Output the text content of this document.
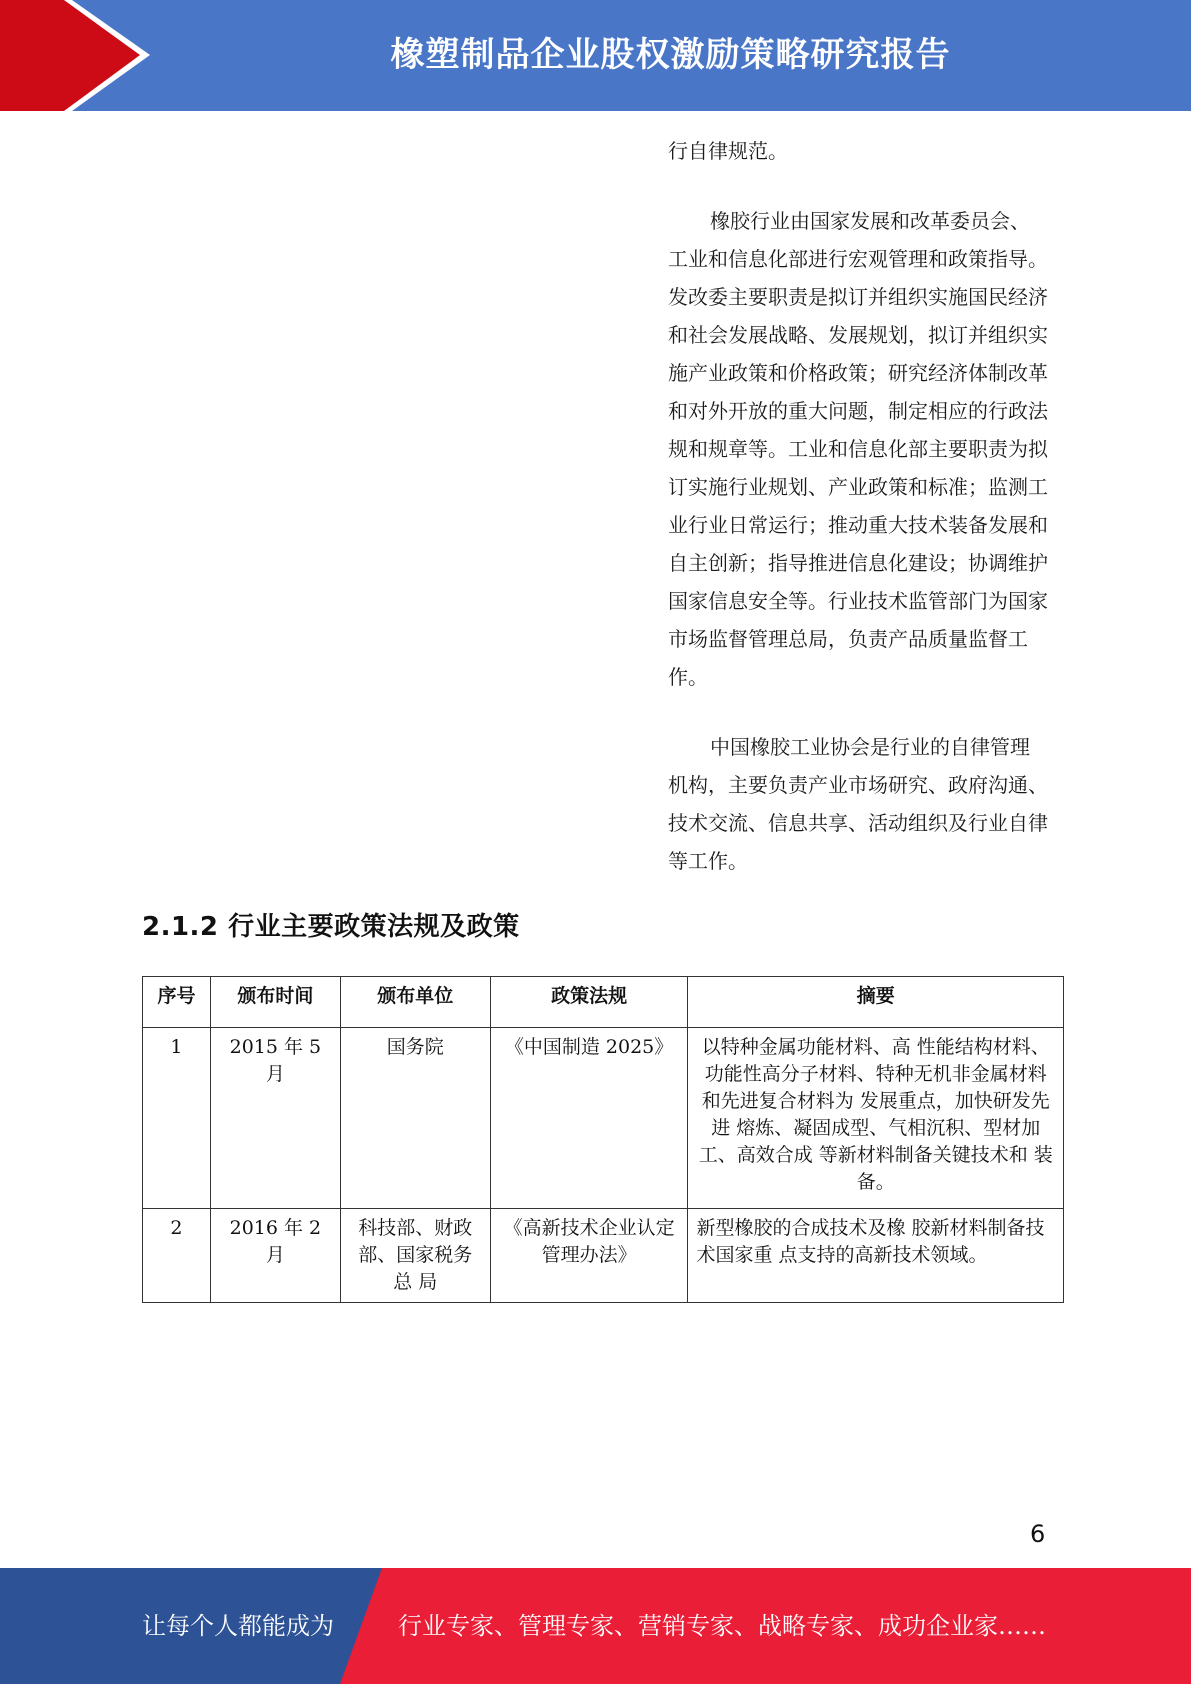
橡塑制品企业股权激励策略研究报告

行自律规范。

橡胶行业由国家发展和改革委员会、工业和信息化部进行宏观管理和政策指导。发改委主要职责是拟订并组织实施国民经济和社会发展战略、发展规划，拟订并组织实施产业政策和价格政策；研究经济体制改革和对外开放的重大问题，制定相应的行政法规和规章等。工业和信息化部主要职责为拟订实施行业规划、产业政策和标准；监测工业行业日常运行；推动重大技术装备发展和自主创新；指导推进信息化建设；协调维护国家信息安全等。行业技术监管部门为国家市场监督管理总局，负责产品质量监督工作。

中国橡胶工业协会是行业的自律管理机构，主要负责产业市场研究、政府沟通、技术交流、信息共享、活动组织及行业自律等工作。

2.1.2 行业主要政策法规及政策
序号	颁布时间	颁布单位	政策法规	摘要
1	2015 年 5 月	国务院	《中国制造 2025》	以特种金属功能材料、高 性能结构材料、功能性高分子材料、特种无机非金属材料和先进复合材料为 发展重点，加快研发先进 熔炼、凝固成型、气相沉积、型材加工、高效合成 等新材料制备关键技术和 装备。
2	2016 年 2 月	科技部、财政部、国家税务 总 局	《高新技术企业认定 管理办法》	新型橡胶的合成技术及橡 胶新材料制备技术国家重 点支持的高新技术领域。
6
让每个人都能成为	行业专家、管理专家、营销专家、战略专家、成功企业家……
